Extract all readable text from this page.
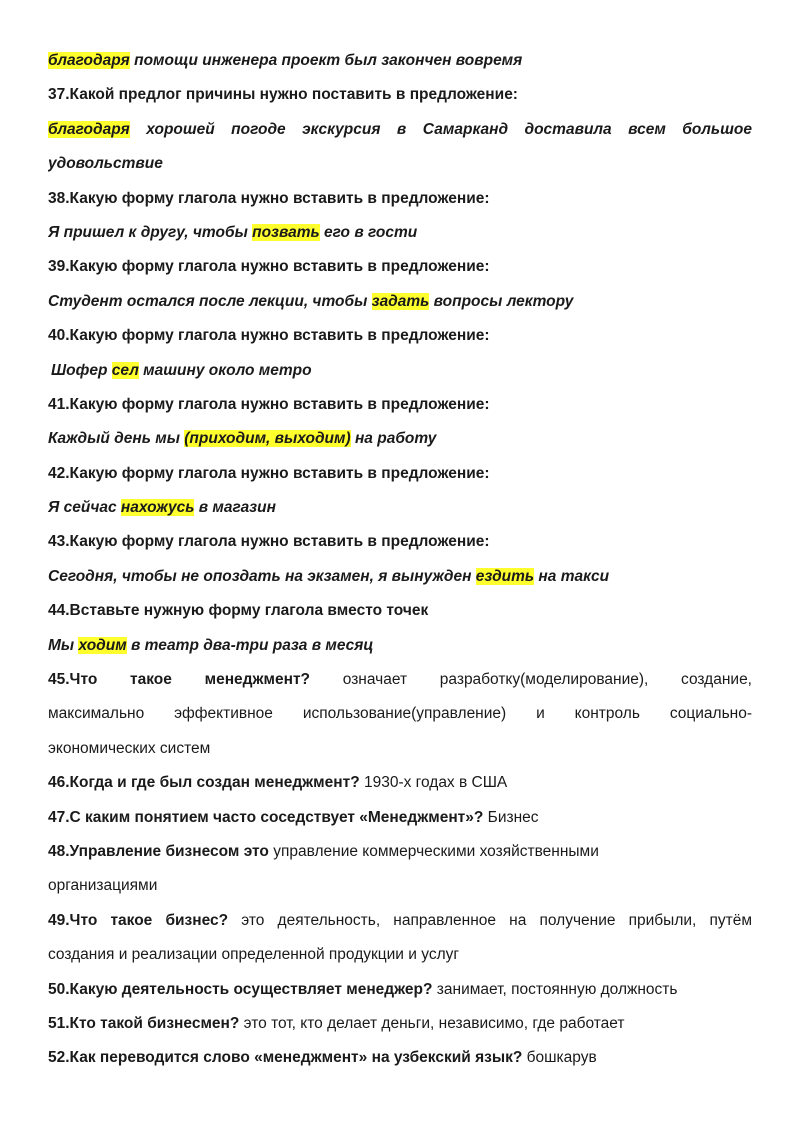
благодаря помощи инженера проект был закончен вовремя
37.Какой предлог причины нужно поставить в предложение:
благодаря хорошей погоде экскурсия в Самарканд доставила всем большое
удовольствие
38.Какую форму глагола нужно вставить в предложение:
Я пришел к другу, чтобы позвать его в гости
39.Какую форму глагола нужно вставить в предложение:
Студент остался после лекции, чтобы задать вопросы лектору
40.Какую форму глагола нужно вставить в предложение:
Шофер сел машину около метро
41.Какую форму глагола нужно вставить в предложение:
Каждый день мы (приходим, выходим) на работу
42.Какую форму глагола нужно вставить в предложение:
Я сейчас нахожусь в магазин
43.Какую форму глагола нужно вставить в предложение:
Сегодня, чтобы не опоздать на экзамен, я вынужден ездить на такси
44.Вставьте нужную форму глагола вместо точек
Мы ходим в театр два-три раза в месяц
45.Что такое менеджмент? означает разработку(моделирование), создание,
максимально эффективное использование(управление) и контроль социально-
экономических систем
46.Когда и где был создан менеджмент? 1930-х годах в США
47.С каким понятием часто соседствует «Менеджмент»? Бизнес
48.Управление бизнесом это управление коммерческими хозяйственными
организациями
49.Что такое бизнес? это деятельность, направленное на получение прибыли, путём
создания и реализации определенной продукции и услуг
50.Какую деятельность осуществляет менеджер? занимает, постоянную должность
51.Кто такой бизнесмен? это тот, кто делает деньги, независимо, где работает
52.Как переводится слово «менеджмент» на узбекский язык? бошкарув
